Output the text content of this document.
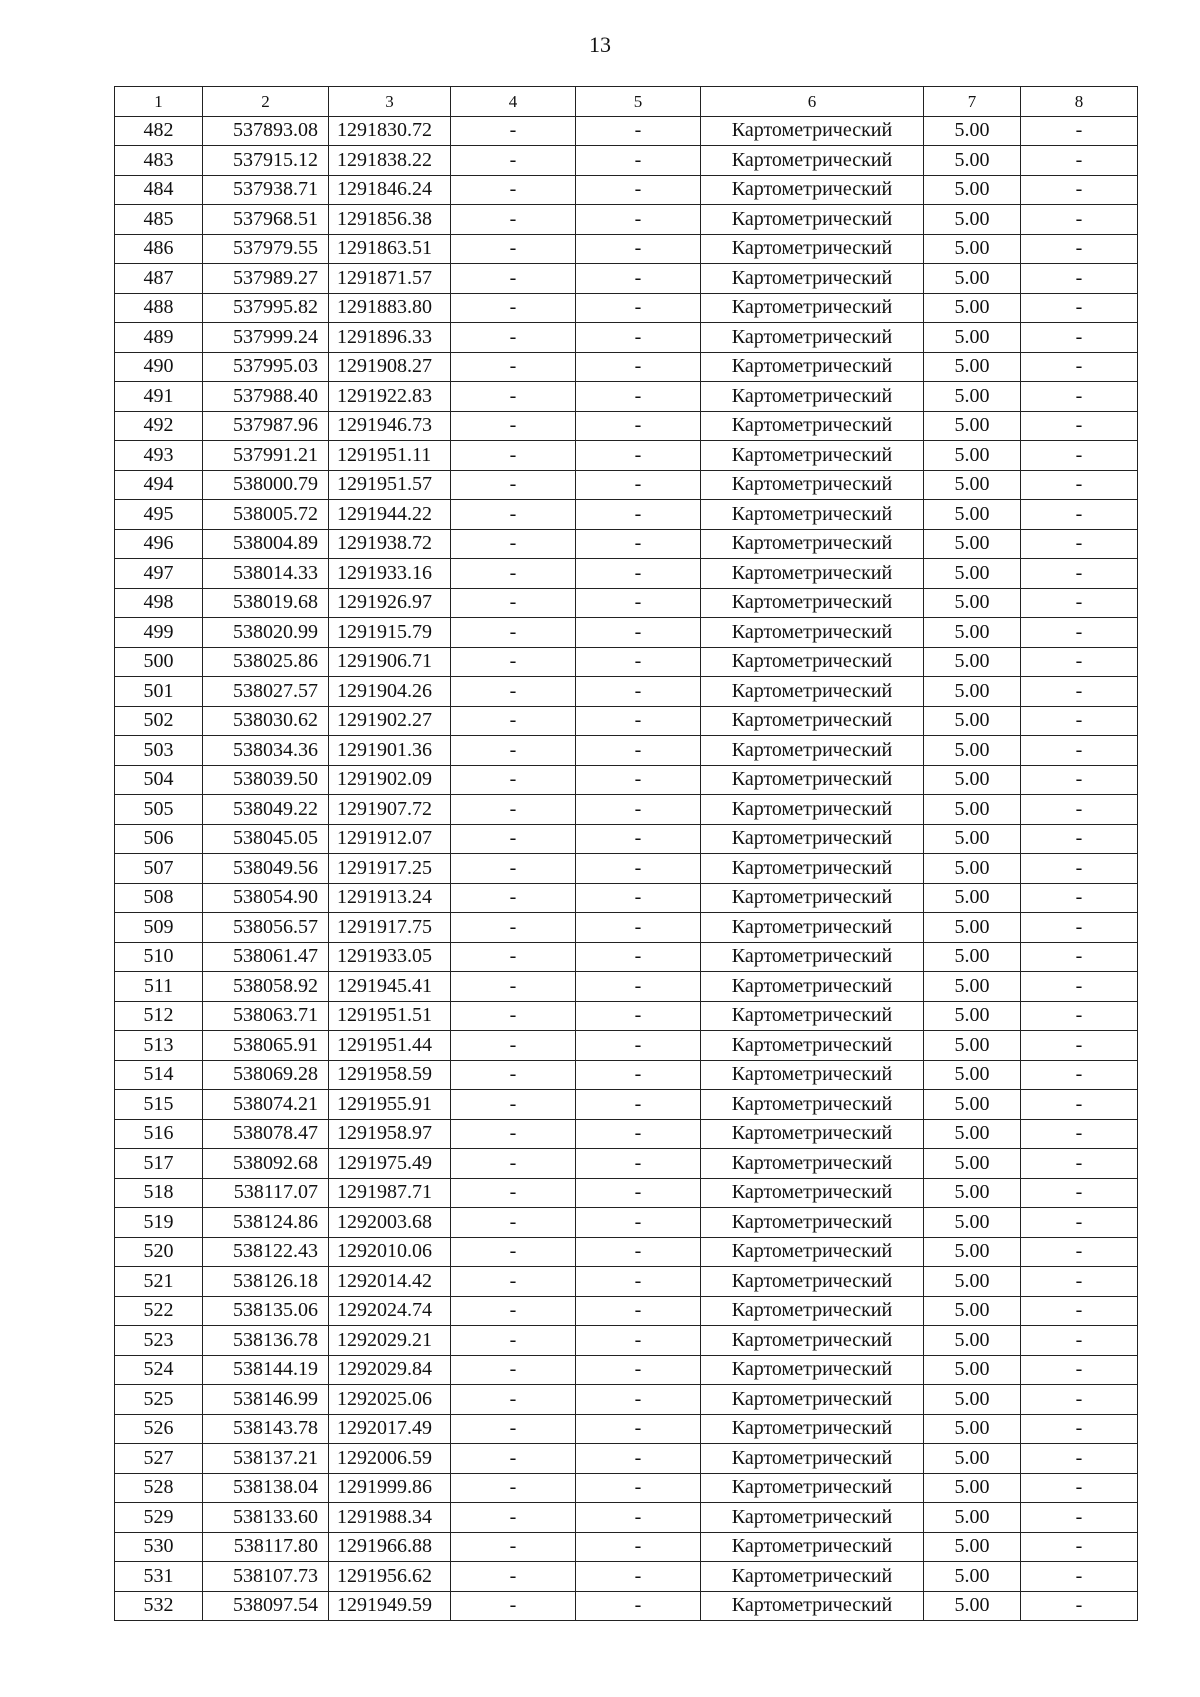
13
1	2	3	4	5	6	7	8
482	537893.08	1291830.72	-	-	Картометрический	5.00	-
483	537915.12	1291838.22	-	-	Картометрический	5.00	-
484	537938.71	1291846.24	-	-	Картометрический	5.00	-
485	537968.51	1291856.38	-	-	Картометрический	5.00	-
486	537979.55	1291863.51	-	-	Картометрический	5.00	-
487	537989.27	1291871.57	-	-	Картометрический	5.00	-
488	537995.82	1291883.80	-	-	Картометрический	5.00	-
489	537999.24	1291896.33	-	-	Картометрический	5.00	-
490	537995.03	1291908.27	-	-	Картометрический	5.00	-
491	537988.40	1291922.83	-	-	Картометрический	5.00	-
492	537987.96	1291946.73	-	-	Картометрический	5.00	-
493	537991.21	1291951.11	-	-	Картометрический	5.00	-
494	538000.79	1291951.57	-	-	Картометрический	5.00	-
495	538005.72	1291944.22	-	-	Картометрический	5.00	-
496	538004.89	1291938.72	-	-	Картометрический	5.00	-
497	538014.33	1291933.16	-	-	Картометрический	5.00	-
498	538019.68	1291926.97	-	-	Картометрический	5.00	-
499	538020.99	1291915.79	-	-	Картометрический	5.00	-
500	538025.86	1291906.71	-	-	Картометрический	5.00	-
501	538027.57	1291904.26	-	-	Картометрический	5.00	-
502	538030.62	1291902.27	-	-	Картометрический	5.00	-
503	538034.36	1291901.36	-	-	Картометрический	5.00	-
504	538039.50	1291902.09	-	-	Картометрический	5.00	-
505	538049.22	1291907.72	-	-	Картометрический	5.00	-
506	538045.05	1291912.07	-	-	Картометрический	5.00	-
507	538049.56	1291917.25	-	-	Картометрический	5.00	-
508	538054.90	1291913.24	-	-	Картометрический	5.00	-
509	538056.57	1291917.75	-	-	Картометрический	5.00	-
510	538061.47	1291933.05	-	-	Картометрический	5.00	-
511	538058.92	1291945.41	-	-	Картометрический	5.00	-
512	538063.71	1291951.51	-	-	Картометрический	5.00	-
513	538065.91	1291951.44	-	-	Картометрический	5.00	-
514	538069.28	1291958.59	-	-	Картометрический	5.00	-
515	538074.21	1291955.91	-	-	Картометрический	5.00	-
516	538078.47	1291958.97	-	-	Картометрический	5.00	-
517	538092.68	1291975.49	-	-	Картометрический	5.00	-
518	538117.07	1291987.71	-	-	Картометрический	5.00	-
519	538124.86	1292003.68	-	-	Картометрический	5.00	-
520	538122.43	1292010.06	-	-	Картометрический	5.00	-
521	538126.18	1292014.42	-	-	Картометрический	5.00	-
522	538135.06	1292024.74	-	-	Картометрический	5.00	-
523	538136.78	1292029.21	-	-	Картометрический	5.00	-
524	538144.19	1292029.84	-	-	Картометрический	5.00	-
525	538146.99	1292025.06	-	-	Картометрический	5.00	-
526	538143.78	1292017.49	-	-	Картометрический	5.00	-
527	538137.21	1292006.59	-	-	Картометрический	5.00	-
528	538138.04	1291999.86	-	-	Картометрический	5.00	-
529	538133.60	1291988.34	-	-	Картометрический	5.00	-
530	538117.80	1291966.88	-	-	Картометрический	5.00	-
531	538107.73	1291956.62	-	-	Картометрический	5.00	-
532	538097.54	1291949.59	-	-	Картометрический	5.00	-
